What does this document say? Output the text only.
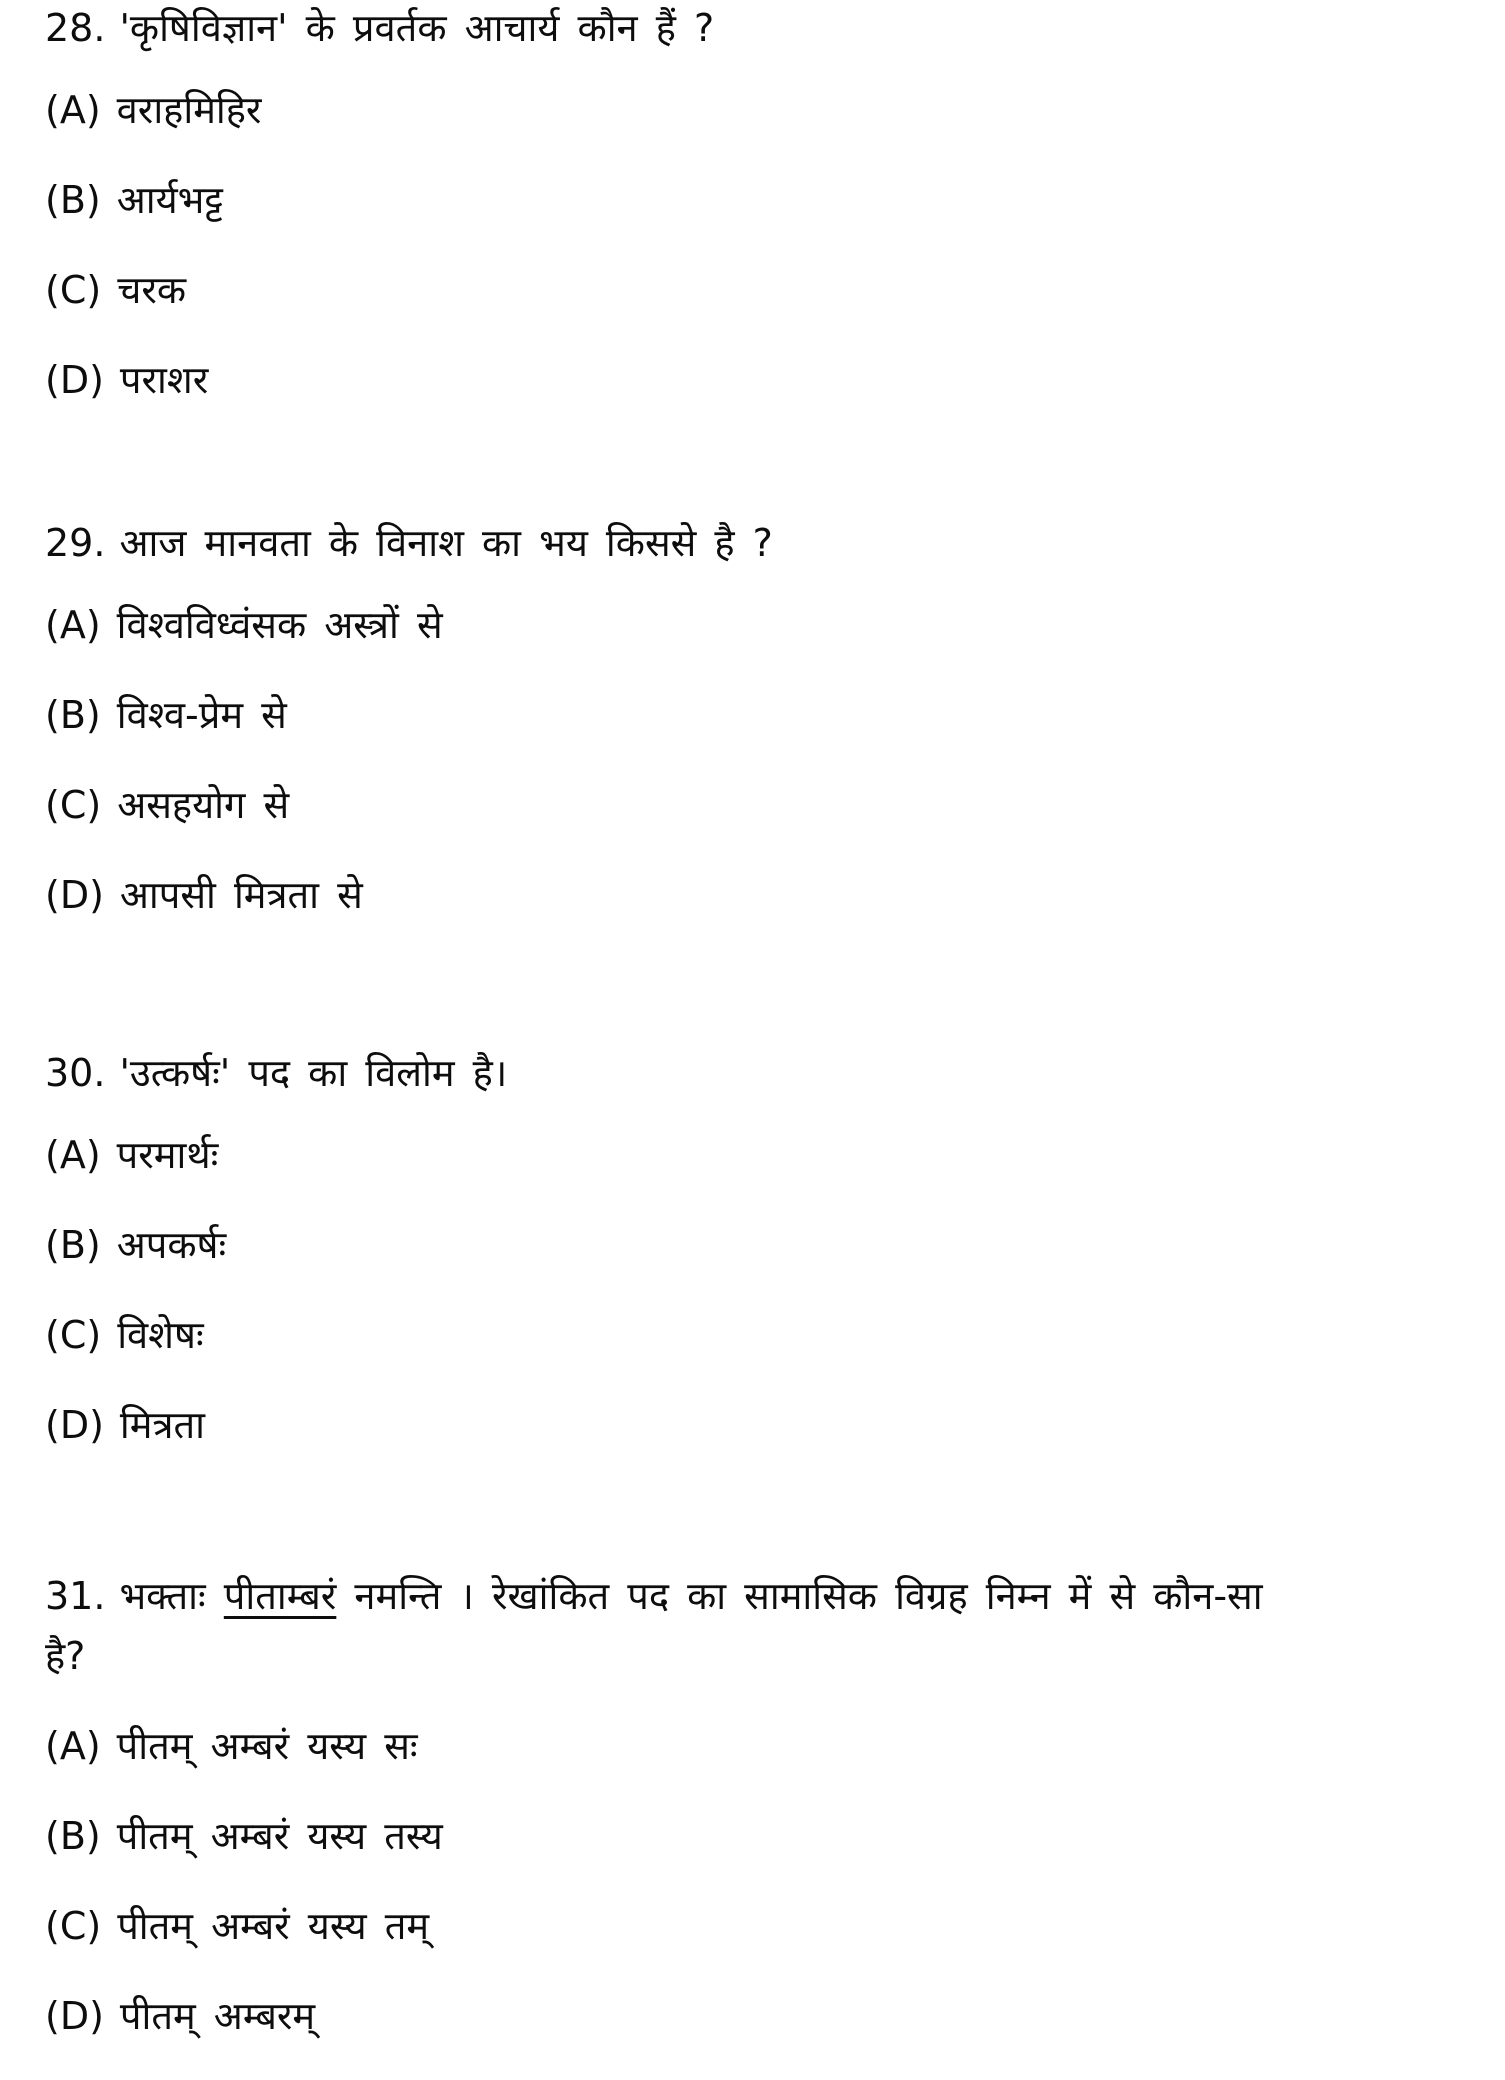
28. 'कृषिविज्ञान' के प्रवर्तक आचार्य कौन हैं ?
(A) वराहमिहिर
(B) आर्यभट्ट
(C) चरक
(D) पराशर
29. आज मानवता के विनाश का भय किससे है ?
(A) विश्वविध्वंसक अस्त्रों से
(B) विश्व-प्रेम से
(C) असहयोग से
(D) आपसी मित्रता से
30. 'उत्कर्षः' पद का विलोम है।
(A) परमार्थः
(B) अपकर्षः
(C) विशेषः
(D) मित्रता
31. भक्ताः पीताम्बरं नमन्ति । रेखांकित पद का सामासिक विग्रह निम्न में से कौन-सा
है?
(A) पीतम् अम्बरं यस्य सः
(B) पीतम् अम्बरं यस्य तस्य
(C) पीतम् अम्बरं यस्य तम्
(D) पीतम् अम्बरम्
